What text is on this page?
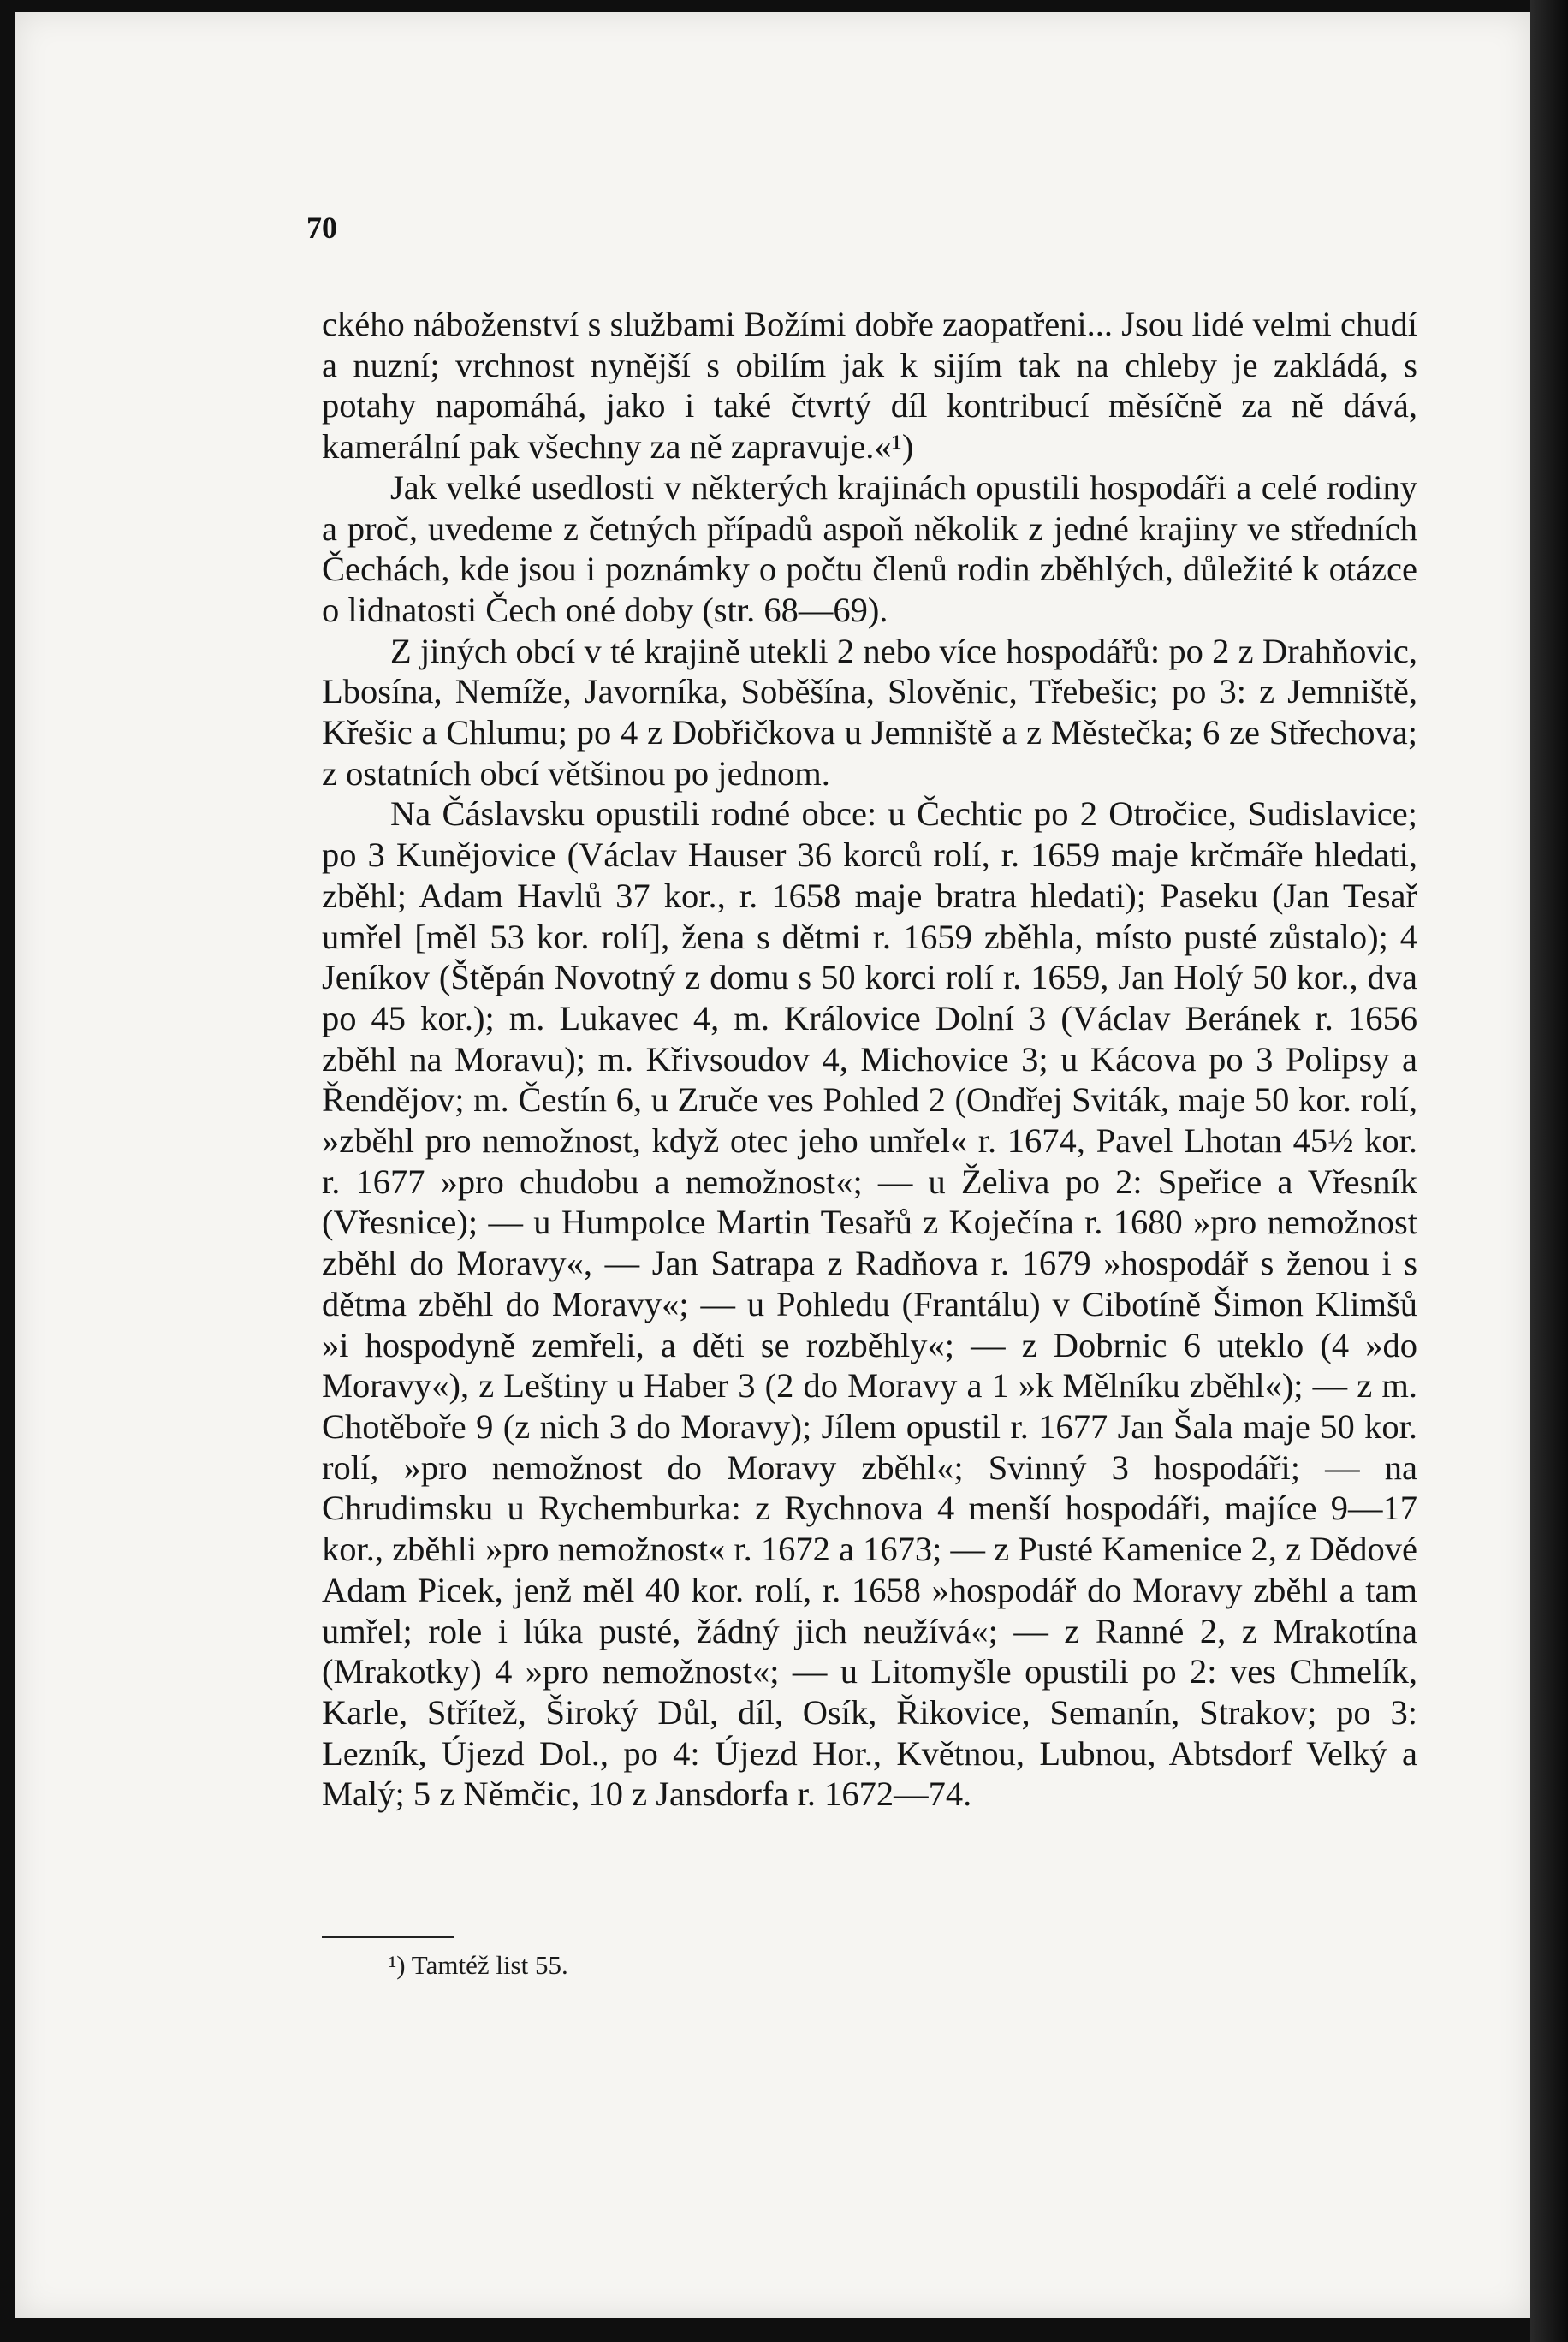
70

ckého náboženství s službami Božími dobře zaopatřeni... Jsou lidé velmi chudí a nuzní; vrchnost nynější s obilím jak k sijím tak na chleby je zakládá, s potahy napomáhá, jako i také čtvrtý díl kontribucí měsíčně za ně dává, kamerální pak všechny za ně zapravuje.«¹)

Jak velké usedlosti v některých krajinách opustili hospodáři a celé rodiny a proč, uvedeme z četných případů aspoň několik z jedné krajiny ve středních Čechách, kde jsou i poznámky o počtu členů rodin zběhlých, důležité k otázce o lidnatosti Čech oné doby (str. 68—69).

Z jiných obcí v té krajině utekli 2 nebo více hospodářů: po 2 z Drahňovic, Lbosína, Nemíže, Javorníka, Soběšína, Slověnic, Třebešic; po 3: z Jemniště, Křešic a Chlumu; po 4 z Dobřičkova u Jemniště a z Městečka; 6 ze Střechova; z ostatních obcí většinou po jednom.

Na Čáslavsku opustili rodné obce: u Čechtic po 2 Otročice, Sudislavice; po 3 Kunějovice (Václav Hauser 36 korců rolí, r. 1659 maje krčmáře hledati, zběhl; Adam Havlů 37 kor., r. 1658 maje bratra hledati); Paseku (Jan Tesař umřel [měl 53 kor. rolí], žena s dětmi r. 1659 zběhla, místo pusté zůstalo); 4 Jeníkov (Štěpán Novotný z domu s 50 korci rolí r. 1659, Jan Holý 50 kor., dva po 45 kor.); m. Lukavec 4, m. Královice Dolní 3 (Václav Beránek r. 1656 zběhl na Moravu); m. Křivsoudov 4, Michovice 3; u Kácova po 3 Polipsy a Řendějov; m. Čestín 6, u Zruče ves Pohled 2 (Ondřej Sviták, maje 50 kor. rolí, »zběhl pro nemožnost, když otec jeho umřel« r. 1674, Pavel Lhotan 45½ kor. r. 1677 »pro chudobu a nemožnost«; — u Želiva po 2: Speřice a Vřesník (Vřesnice); — u Humpolce Martin Tesařů z Koječína r. 1680 »pro nemožnost zběhl do Moravy«, — Jan Satrapa z Radňova r. 1679 »hospodář s ženou i s dětma zběhl do Moravy«; — u Pohledu (Frantálu) v Cibotíně Šimon Klimšů »i hospodyně zemřeli, a děti se rozběhly«; — z Dobrnic 6 uteklo (4 »do Moravy«), z Leštiny u Haber 3 (2 do Moravy a 1 »k Mělníku zběhl«); — z m. Chotěboře 9 (z nich 3 do Moravy); Jílem opustil r. 1677 Jan Šala maje 50 kor. rolí, »pro nemožnost do Moravy zběhl«; Svinný 3 hospodáři; — na Chrudimsku u Rychemburka: z Rychnova 4 menší hospodáři, majíce 9—17 kor., zběhli »pro nemožnost« r. 1672 a 1673; — z Pusté Kamenice 2, z Dědové Adam Picek, jenž měl 40 kor. rolí, r. 1658 »hospodář do Moravy zběhl a tam umřel; role i lúka pusté, žádný jich neužívá«; — z Ranné 2, z Mrakotína (Mrakotky) 4 »pro nemožnost«; — u Litomyšle opustili po 2: ves Chmelík, Karle, Střítež, Široký Důl, díl, Osík, Řikovice, Semanín, Strakov; po 3: Lezník, Újezd Dol., po 4: Újezd Hor., Květnou, Lubnou, Abtsdorf Velký a Malý; 5 z Němčic, 10 z Jansdorfa r. 1672—74.

¹) Tamtéž list 55.
